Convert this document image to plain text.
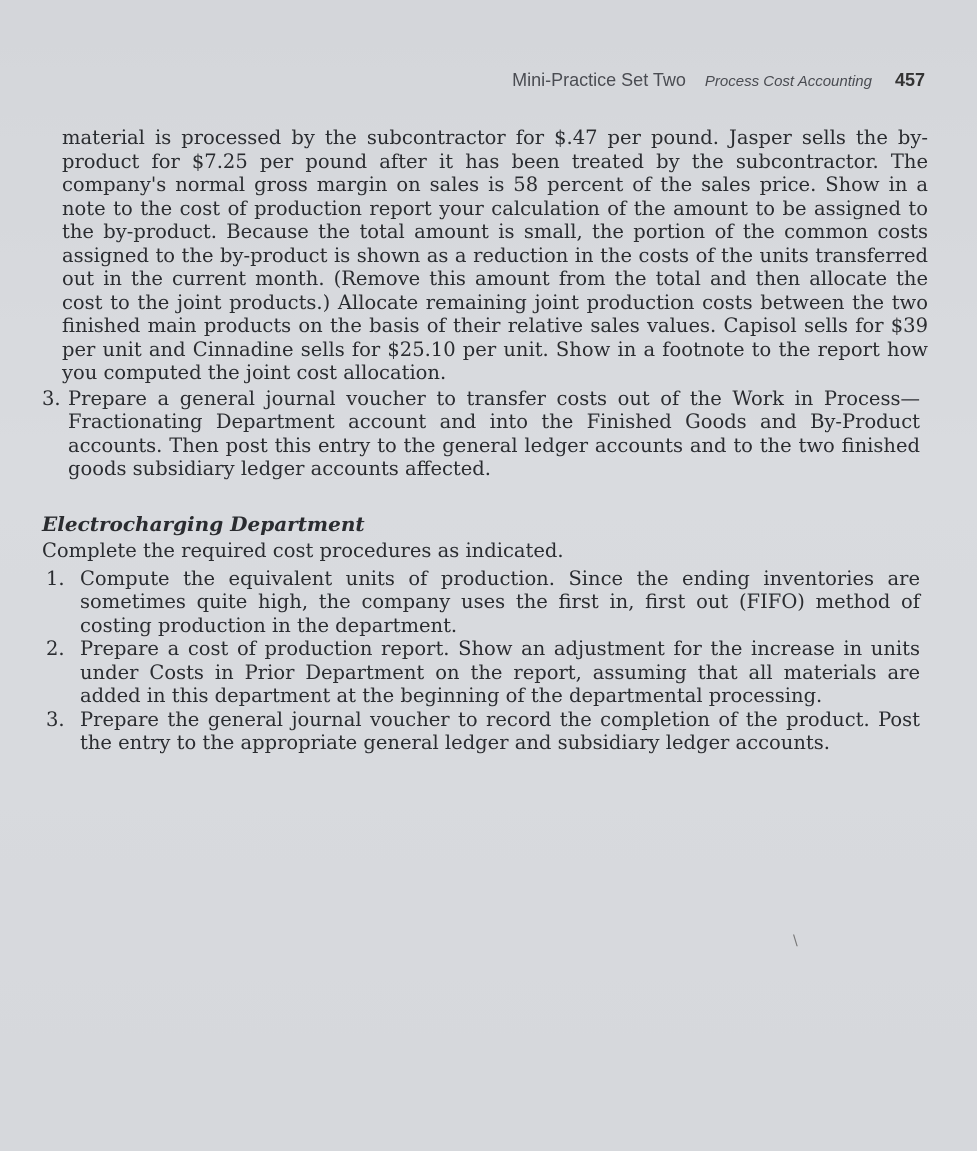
Mini-Practice Set Two Process Cost Accounting 457

material is processed by the subcontractor for $.47 per pound. Jasper sells the by-product for $7.25 per pound after it has been treated by the subcontractor. The company's normal gross margin on sales is 58 percent of the sales price. Show in a note to the cost of production report your calculation of the amount to be assigned to the by-product. Because the total amount is small, the portion of the common costs assigned to the by-product is shown as a reduction in the costs of the units transferred out in the current month. (Remove this amount from the total and then allocate the cost to the joint products.) Allocate remaining joint production costs between the two finished main products on the basis of their relative sales values. Capisol sells for $39 per unit and Cinnadine sells for $25.10 per unit. Show in a footnote to the report how you computed the joint cost allocation.

3. Prepare a general journal voucher to transfer costs out of the Work in Process—Fractionating Department account and into the Finished Goods and By-Product accounts. Then post this entry to the general ledger accounts and to the two finished goods subsidiary ledger accounts affected.
Electrocharging Department

Complete the required cost procedures as indicated.

1. Compute the equivalent units of production. Since the ending inventories are sometimes quite high, the company uses the first in, first out (FIFO) method of costing production in the department.
2. Prepare a cost of production report. Show an adjustment for the increase in units under Costs in Prior Department on the report, assuming that all materials are added in this department at the beginning of the departmental processing.
3. Prepare the general journal voucher to record the completion of the product. Post the entry to the appropriate general ledger and subsidiary ledger accounts.
\
